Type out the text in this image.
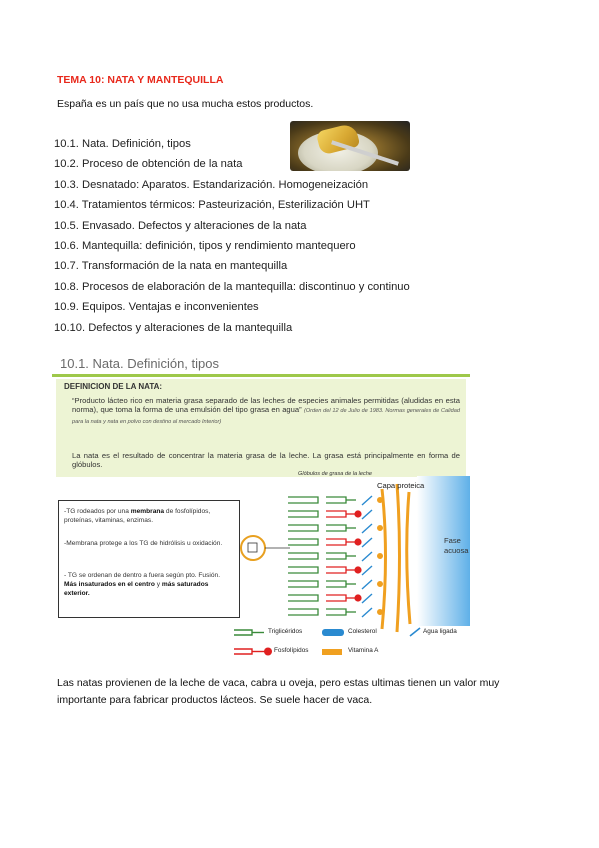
TEMA 10: NATA Y MANTEQUILLA
España es un país que no usa mucha estos productos.
10.1. Nata. Definición, tipos
10.2. Proceso de obtención de la nata
10.3. Desnatado: Aparatos. Estandarización. Homogeneización
10.4. Tratamientos térmicos: Pasteurización, Esterilización UHT
10.5. Envasado. Defectos y alteraciones de la nata
10.6. Mantequilla: definición, tipos y rendimiento mantequero
10.7. Transformación de la nata en mantequilla
10.8. Procesos de elaboración de la mantequilla: discontinuo y continuo
10.9. Equipos. Ventajas e inconvenientes
10.10. Defectos y alteraciones de la mantequilla
10.1. Nata. Definición, tipos
DEFINICION DE LA NATA:
“Producto lácteo rico en materia grasa separado de las leches de especies animales permitidas (aludidas en esta norma), que toma la forma de una emulsión del tipo grasa en agua” (Orden del 12 de Julio de 1983. Normas generales de Calidad para la nata y nata en polvo con destino al mercado Interior)
La nata es el resultado de concentrar la materia grasa de la leche. La grasa está principalmente en forma de glóbulos.
-TG rodeados por una membrana de fosfolípidos, proteínas, vitaminas, enzimas.
-Membrana protege a los TG de hidrólisis u oxidación.
- TG se ordenan de dentro a fuera según pto. Fusión. Más insaturados en el centro y más saturados exterior.
Glóbulos de grasa de la leche
Capa proteica
Fase
acuosa
Triglicéridos	Colesterol	Agua ligada
Fosfolípidos	Vitamina A
Las natas provienen de la leche de vaca, cabra u oveja, pero estas ultimas tienen un valor muy importante para fabricar productos lácteos. Se suele hacer de vaca.
